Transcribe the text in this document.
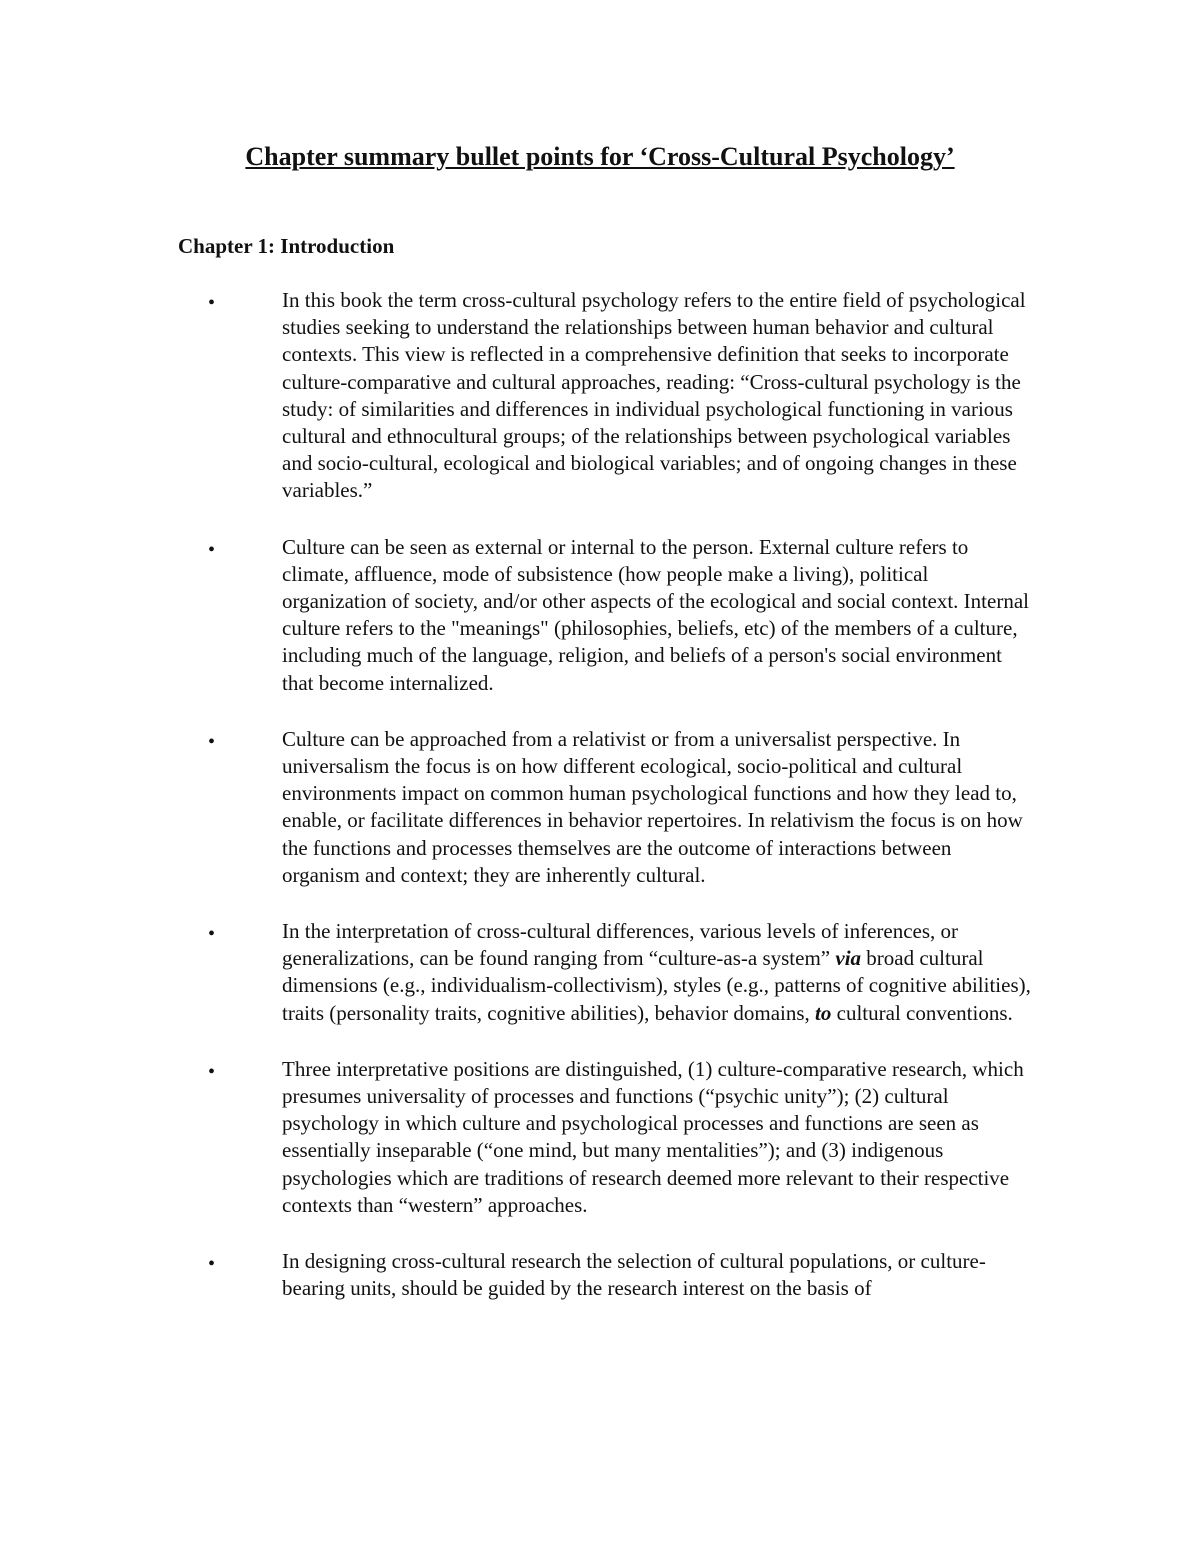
Chapter summary bullet points for ‘Cross-Cultural Psychology’
Chapter 1: Introduction
•	In this book the term cross-cultural psychology refers to the entire field of psychological studies seeking to understand the relationships between human behavior and cultural contexts. This view is reflected in a comprehensive definition that seeks to incorporate culture-comparative and cultural approaches, reading: “Cross-cultural psychology is the study: of similarities and differences in individual psychological functioning in various cultural and ethnocultural groups; of the relationships between psychological variables and socio-cultural, ecological and biological variables; and of ongoing changes in these variables.”
•	Culture can be seen as external or internal to the person. External culture refers to climate, affluence, mode of subsistence (how people make a living), political organization of society, and/or other aspects of the ecological and social context. Internal culture refers to the "meanings" (philosophies, beliefs, etc) of the members of a culture, including much of the language, religion, and beliefs of a person's social environment that become internalized.
•	Culture can be approached from a relativist or from a universalist perspective. In universalism the focus is on how different ecological, socio-political and cultural environments impact on common human psychological functions and how they lead to, enable, or facilitate differences in behavior repertoires. In relativism the focus is on how the functions and processes themselves are the outcome of interactions between organism and context; they are inherently cultural.
•	In the interpretation of cross-cultural differences, various levels of inferences, or generalizations, can be found ranging from “culture-as-a system” via broad cultural dimensions (e.g., individualism-collectivism), styles (e.g., patterns of cognitive abilities), traits (personality traits, cognitive abilities), behavior domains, to cultural conventions.
•	Three interpretative positions are distinguished, (1) culture-comparative research, which presumes universality of processes and functions (“psychic unity”); (2) cultural psychology in which culture and psychological processes and functions are seen as essentially inseparable (“one mind, but many mentalities”); and (3) indigenous psychologies which are traditions of research deemed more relevant to their respective contexts than “western” approaches.
•	In designing cross-cultural research the selection of cultural populations, or culture-bearing units, should be guided by the research interest on the basis of
